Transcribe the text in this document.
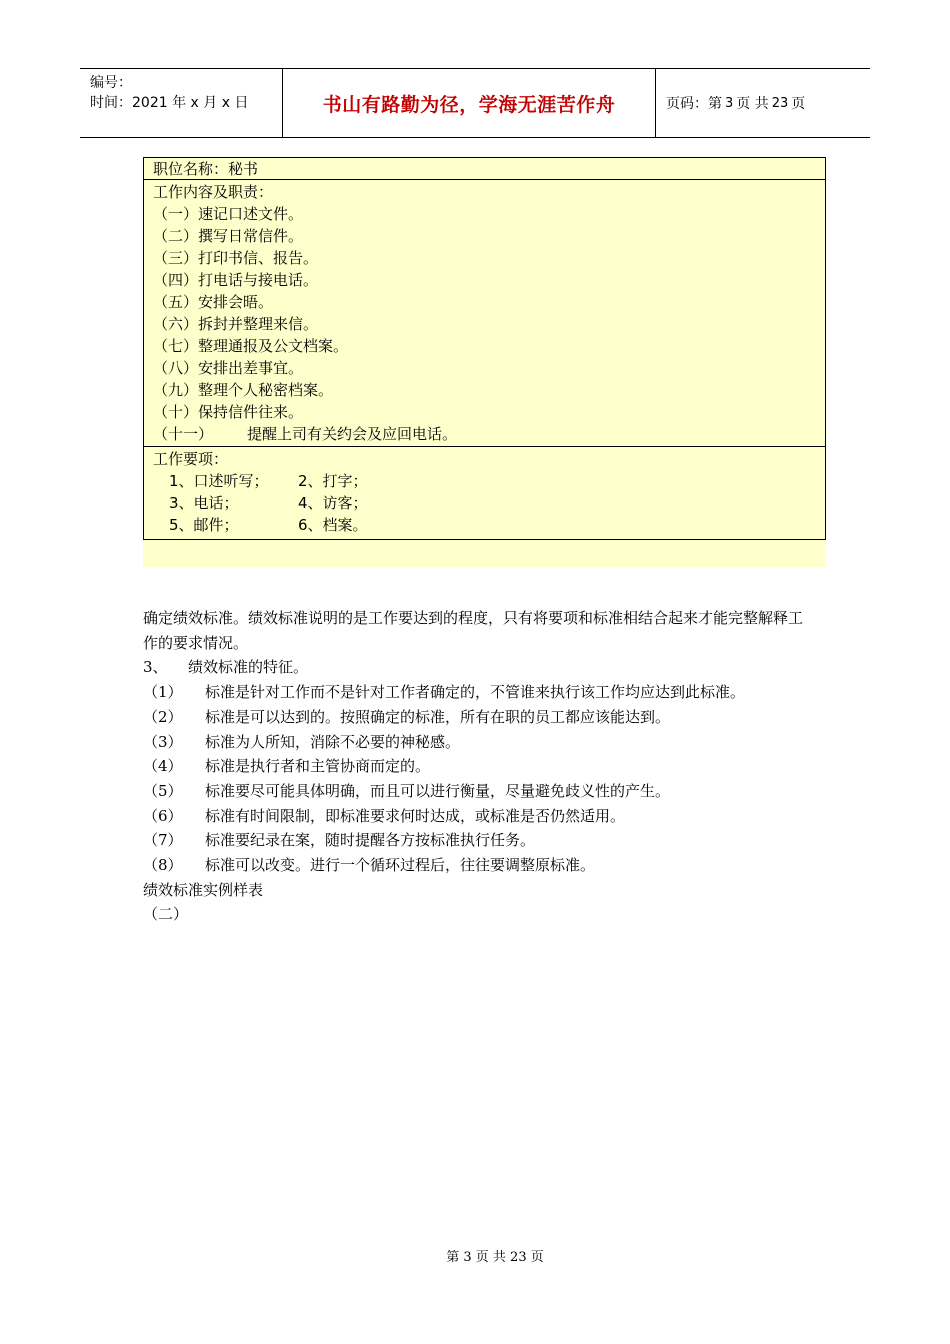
编号：
时间：2021 年 x 月 x 日	书山有路勤为径，学海无涯苦作舟	页码：第 3 页 共 23 页
职位名称：秘书
工作内容及职责：
（一）速记口述文件。
（二）撰写日常信件。
（三）打印书信、报告。
（四）打电话与接电话。
（五）安排会晤。
（六）拆封并整理来信。
（七）整理通报及公文档案。
（八）安排出差事宜。
（九）整理个人秘密档案。
（十）保持信件往来。
（十一） 提醒上司有关约会及应回电话。
工作要项：
1、口述听写；	2、打字；
3、电话；	4、访客；
5、邮件；	6、档案。

确定绩效标准。绩效标准说明的是工作要达到的程度，只有将要项和标准相结合起来才能完整解释工作的要求情况。

3、	绩效标准的特征。
（1）	标准是针对工作而不是针对工作者确定的，不管谁来执行该工作均应达到此标准。
（2）	标准是可以达到的。按照确定的标准，所有在职的员工都应该能达到。
（3）	标准为人所知，消除不必要的神秘感。
（4）	标准是执行者和主管协商而定的。
（5）	标准要尽可能具体明确，而且可以进行衡量，尽量避免歧义性的产生。
（6）	标准有时间限制，即标准要求何时达成，或标准是否仍然适用。
（7）	标准要纪录在案，随时提醒各方按标准执行任务。
（8）	标准可以改变。进行一个循环过程后，往往要调整原标准。

绩效标准实例样表

（二）

第 3 页 共 23 页
